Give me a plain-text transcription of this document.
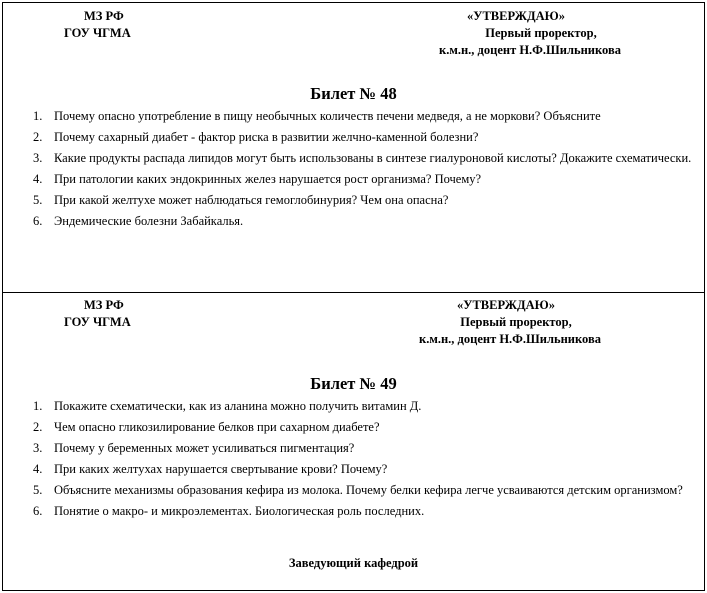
МЗ РФ
ГОУ ЧГМА
«УТВЕРЖДАЮ»
Первый проректор,
к.м.н., доцент Н.Ф.Шильникова
Билет № 48
1. Почему опасно употребление в пищу необычных количеств печени медведя, а не моркови? Объясните
2. Почему сахарный диабет - фактор риска в развитии желчно-каменной болезни?
3. Какие продукты распада липидов могут быть использованы в синтезе гиалуроновой кислоты? Докажите схематически.
4. При патологии каких эндокринных желез нарушается рост организма? Почему?
5. При какой желтухе может наблюдаться гемоглобинурия? Чем она опасна?
6. Эндемические болезни Забайкалья.
МЗ РФ
ГОУ ЧГМА
«УТВЕРЖДАЮ»
Первый проректор,
к.м.н., доцент Н.Ф.Шильникова
Билет № 49
1. Покажите схематически, как из аланина можно получить витамин Д.
2. Чем опасно гликозилирование белков при сахарном диабете?
3. Почему у беременных может усиливаться пигментация?
4. При каких желтухах нарушается свертывание крови? Почему?
5. Объясните механизмы образования кефира из молока. Почему белки кефира легче усваиваются детским организмом?
6. Понятие о макро- и микроэлементах. Биологическая роль последних.
Заведующий кафедрой
